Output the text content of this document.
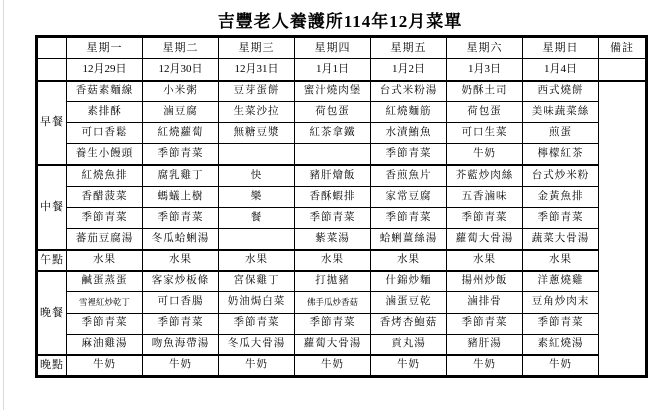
吉豐老人養護所114年12月菜單
	星期一	星期二	星期三	星期四	星期五	星期六	星期日	備註
	12月29日	12月30日	12月31日	1月1日	1月2日	1月3日	1月4日	
早餐	香菇素麵線	小米粥	豆芽蛋餅	蜜汁燒肉堡	台式米粉湯	奶酥土司	西式燒餅	
	素排酥	滷豆腐	生菜沙拉	荷包蛋	紅燒麵筋	荷包蛋	美味蔬菜絲	
	可口香鬆	紅燒蘿蔔	無糖豆漿	紅茶拿鐵	水漬鮪魚	可口生菜	煎蛋	
	養生小饅頭	季節青菜			季節青菜	牛奶	檸檬紅茶	
中餐	紅燒魚排	腐乳雞丁	快	豬肝燴飯	香煎魚片	芥藍炒肉絲	台式炒米粉	
	香醋菠菜	螞蟻上樹	樂	香酥蝦排	家常豆腐	五香滷味	金黃魚排	
	季節青菜	季節青菜	餐	季節青菜	季節青菜	季節青菜	季節青菜	
	蕃茄豆腐湯	冬瓜蛤蜊湯		紫菜湯	蛤蜊薑絲湯	蘿蔔大骨湯	蔬菜大骨湯	
午點	水果	水果	水果	水果	水果	水果	水果	
晚餐	鹹蛋蒸蛋	客家炒板條	宮保雞丁	打拋豬	什錦炒麵	揚州炒飯	洋蔥燒雞	
	雪裡紅炒乾丁	可口香腸	奶油焗白菜	佛手瓜炒香菇	滷蛋豆乾	滷排骨	豆角炒肉末	
	季節青菜	季節青菜	季節青菜	季節青菜	香烤杏鮑菇	季節青菜	季節青菜	
	麻油雞湯	吻魚海帶湯	冬瓜大骨湯	蘿蔔大骨湯	貢丸湯	豬肝湯	素紅燒湯	
晚點	牛奶	牛奶	牛奶	牛奶	牛奶	牛奶	牛奶	
